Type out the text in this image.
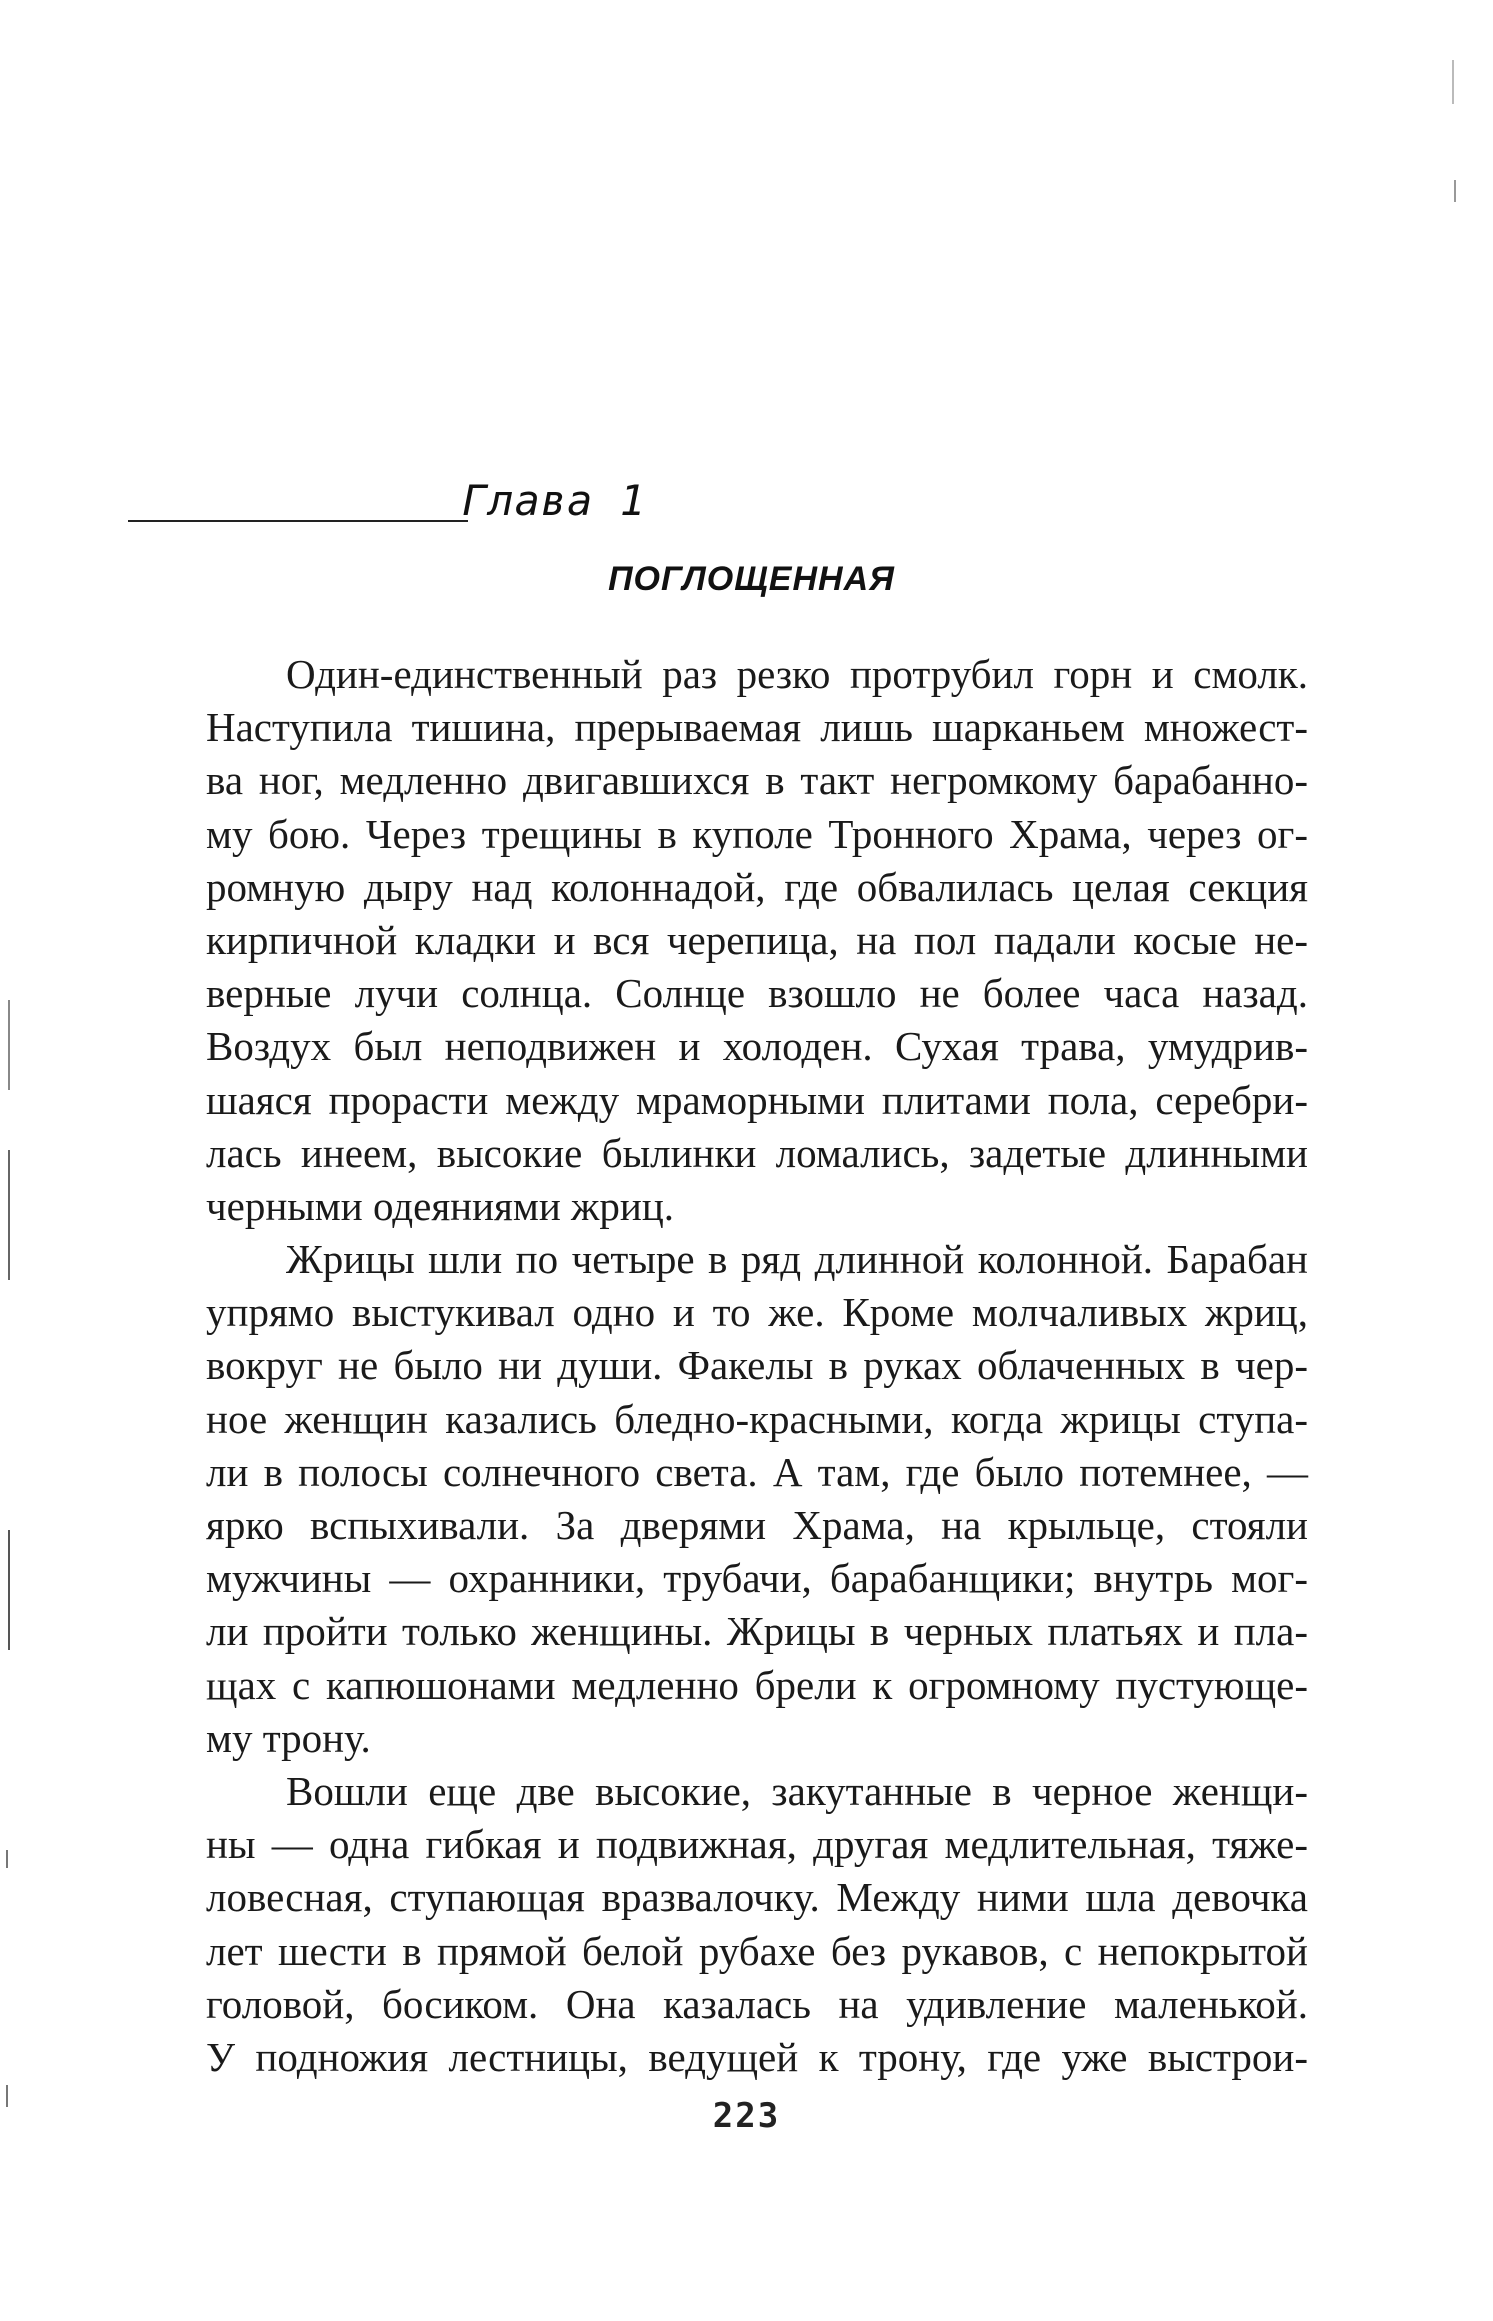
Глава 1
ПОГЛОЩЕННАЯ
Один-единственный раз резко протрубил горн и смолк.
Наступила тишина, прерываемая лишь шарканьем множест-
ва ног, медленно двигавшихся в такт негромкому барабанно-
му бою. Через трещины в куполе Тронного Храма, через ог-
ромную дыру над колоннадой, где обвалилась целая секция
кирпичной кладки и вся черепица, на пол падали косые не-
верные лучи солнца. Солнце взошло не более часа назад.
Воздух был неподвижен и холоден. Сухая трава, умудрив-
шаяся прорасти между мраморными плитами пола, серебри-
лась инеем, высокие былинки ломались, задетые длинными
черными одеяниями жриц.
Жрицы шли по четыре в ряд длинной колонной. Барабан
упрямо выстукивал одно и то же. Кроме молчаливых жриц,
вокруг не было ни души. Факелы в руках облаченных в чер-
ное женщин казались бледно-красными, когда жрицы ступа-
ли в полосы солнечного света. А там, где было потемнее, —
ярко вспыхивали. За дверями Храма, на крыльце, стояли
мужчины — охранники, трубачи, барабанщики; внутрь мог-
ли пройти только женщины. Жрицы в черных платьях и пла-
щах с капюшонами медленно брели к огромному пустующе-
му трону.
Вошли еще две высокие, закутанные в черное женщи-
ны — одна гибкая и подвижная, другая медлительная, тяже-
ловесная, ступающая вразвалочку. Между ними шла девочка
лет шести в прямой белой рубахе без рукавов, с непокрытой
головой, босиком. Она казалась на удивление маленькой.
У подножия лестницы, ведущей к трону, где уже выстрои-
223
